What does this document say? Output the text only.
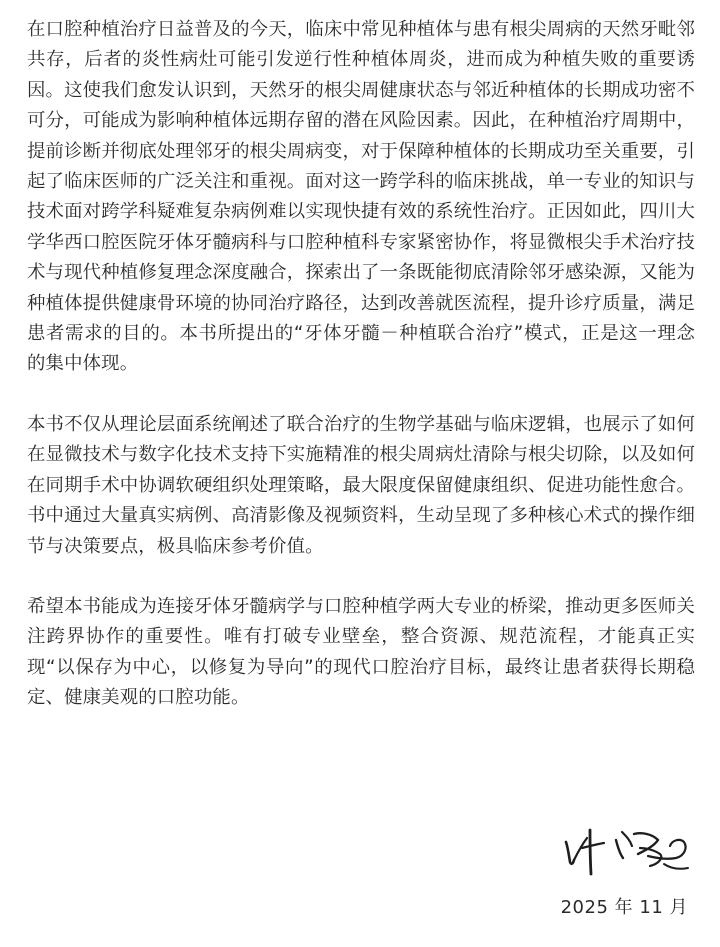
在口腔种植治疗日益普及的今天，临床中常见种植体与患有根尖周病的天然牙毗邻共存，后者的炎性病灶可能引发逆行性种植体周炎，进而成为种植失败的重要诱因。这使我们愈发认识到，天然牙的根尖周健康状态与邻近种植体的长期成功密不可分，可能成为影响种植体远期存留的潜在风险因素。因此，在种植治疗周期中，提前诊断并彻底处理邻牙的根尖周病变，对于保障种植体的长期成功至关重要，引起了临床医师的广泛关注和重视。面对这一跨学科的临床挑战，单一专业的知识与技术面对跨学科疑难复杂病例难以实现快捷有效的系统性治疗。正因如此，四川大学华西口腔医院牙体牙髓病科与口腔种植科专家紧密协作，将显微根尖手术治疗技术与现代种植修复理念深度融合，探索出了一条既能彻底清除邻牙感染源，又能为种植体提供健康骨环境的协同治疗路径，达到改善就医流程，提升诊疗质量，满足患者需求的目的。本书所提出的“牙体牙髓－种植联合治疗”模式，正是这一理念的集中体现。

本书不仅从理论层面系统阐述了联合治疗的生物学基础与临床逻辑，也展示了如何在显微技术与数字化技术支持下实施精准的根尖周病灶清除与根尖切除，以及如何在同期手术中协调软硬组织处理策略，最大限度保留健康组织、促进功能性愈合。书中通过大量真实病例、高清影像及视频资料，生动呈现了多种核心术式的操作细节与决策要点，极具临床参考价值。

希望本书能成为连接牙体牙髓病学与口腔种植学两大专业的桥梁，推动更多医师关注跨界协作的重要性。唯有打破专业壁垒，整合资源、规范流程，才能真正实现“以保存为中心，以修复为导向”的现代口腔治疗目标，最终让患者获得长期稳定、健康美观的口腔功能。

2025 年 11 月
